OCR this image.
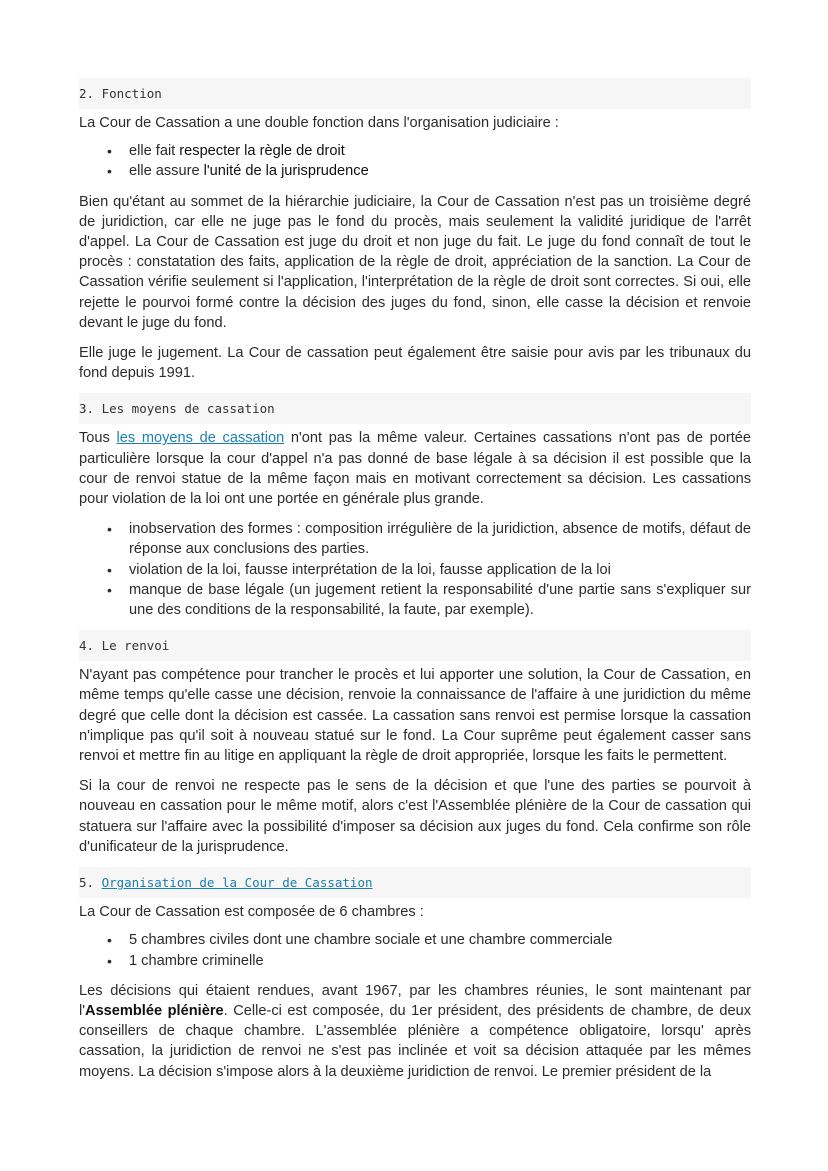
2. Fonction

La Cour de Cassation a une double fonction dans l'organisation judiciaire :

• elle fait respecter la règle de droit
• elle assure l'unité de la jurisprudence

Bien qu'étant au sommet de la hiérarchie judiciaire, la Cour de Cassation n'est pas un troisième degré de juridiction, car elle ne juge pas le fond du procès, mais seulement la validité juridique de l'arrêt d'appel. La Cour de Cassation est juge du droit et non juge du fait. Le juge du fond connaît de tout le procès : constatation des faits, application de la règle de droit, appréciation de la sanction. La Cour de Cassation vérifie seulement si l'application, l'interprétation de la règle de droit sont correctes. Si oui, elle rejette le pourvoi formé contre la décision des juges du fond, sinon, elle casse la décision et renvoie devant le juge du fond.

Elle juge le jugement. La Cour de cassation peut également être saisie pour avis par les tribunaux du fond depuis 1991.

3. Les moyens de cassation

Tous les moyens de cassation n'ont pas la même valeur. Certaines cassations n'ont pas de portée particulière lorsque la cour d'appel n'a pas donné de base légale à sa décision il est possible que la cour de renvoi statue de la même façon mais en motivant correctement sa décision. Les cassations pour violation de la loi ont une portée en générale plus grande.

• inobservation des formes : composition irrégulière de la juridiction, absence de motifs, défaut de réponse aux conclusions des parties.
• violation de la loi, fausse interprétation de la loi, fausse application de la loi
• manque de base légale (un jugement retient la responsabilité d'une partie sans s'expliquer sur une des conditions de la responsabilité, la faute, par exemple).
4. Le renvoi

N'ayant pas compétence pour trancher le procès et lui apporter une solution, la Cour de Cassation, en même temps qu'elle casse une décision, renvoie la connaissance de l'affaire à une juridiction du même degré que celle dont la décision est cassée. La cassation sans renvoi est permise lorsque la cassation n'implique pas qu'il soit à nouveau statué sur le fond. La Cour suprême peut également casser sans renvoi et mettre fin au litige en appliquant la règle de droit appropriée, lorsque les faits le permettent.

Si la cour de renvoi ne respecte pas le sens de la décision et que l'une des parties se pourvoit à nouveau en cassation pour le même motif, alors c'est l'Assemblée plénière de la Cour de cassation qui statuera sur l'affaire avec la possibilité d'imposer sa décision aux juges du fond. Cela confirme son rôle d'unificateur de la jurisprudence.

5. Organisation de la Cour de Cassation

La Cour de Cassation est composée de 6 chambres :

• 5 chambres civiles dont une chambre sociale et une chambre commerciale
• 1 chambre criminelle

Les décisions qui étaient rendues, avant 1967, par les chambres réunies, le sont maintenant par l'Assemblée plénière. Celle-ci est composée, du 1er président, des présidents de chambre, de deux conseillers de chaque chambre. L'assemblée plénière a compétence obligatoire, lorsqu' après cassation, la juridiction de renvoi ne s'est pas inclinée et voit sa décision attaquée par les mêmes moyens. La décision s'impose alors à la deuxième juridiction de renvoi. Le premier président de la
